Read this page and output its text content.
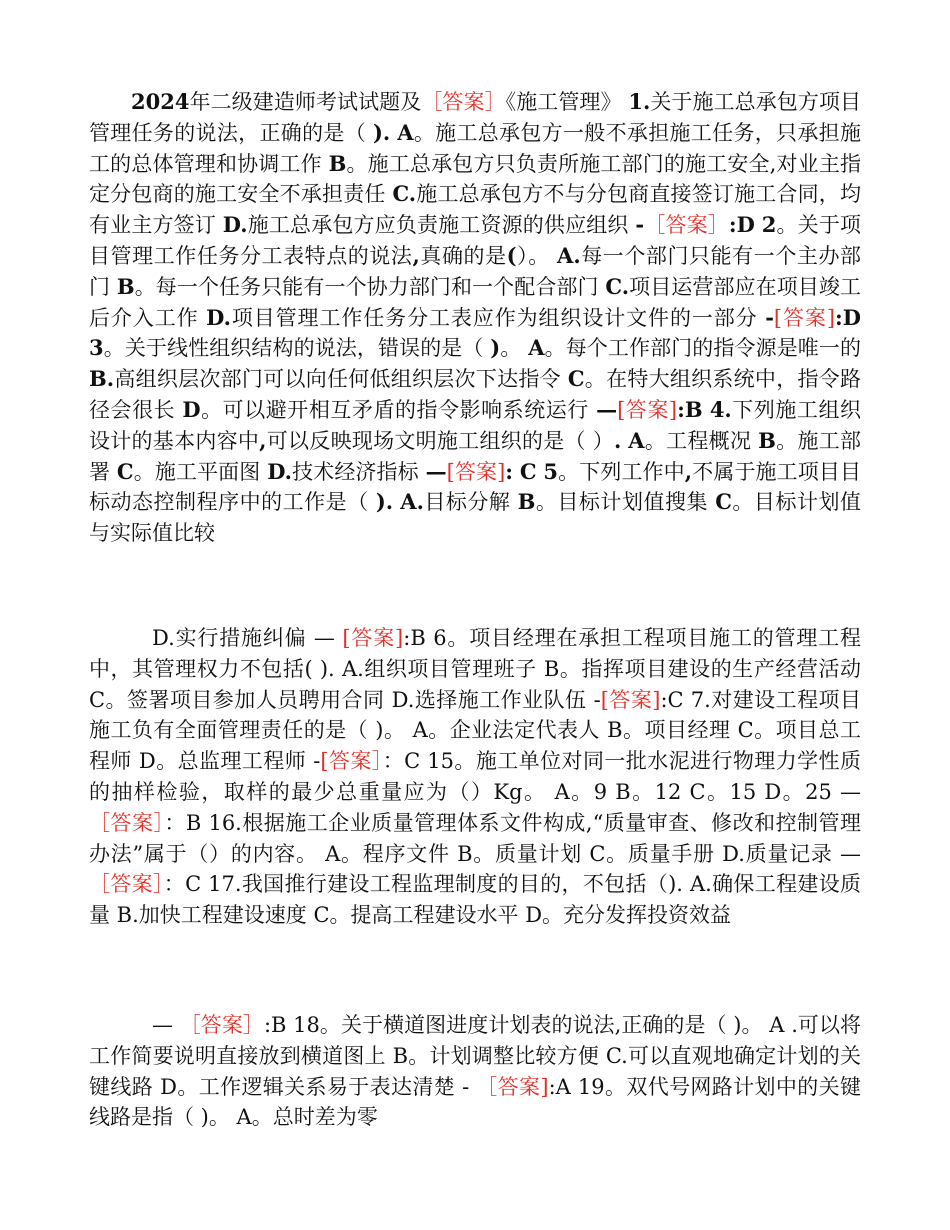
2024年二级建造师考试试题及［答案］《施工管理》 1.关于施工总承包方项目管理任务的说法，正确的是（ ). A。施工总承包方一般不承担施工任务，只承担施工的总体管理和协调工作 B。施工总承包方只负责所施工部门的施工安全,对业主指定分包商的施工安全不承担责任 C.施工总承包方不与分包商直接签订施工合同，均有业主方签订 D.施工总承包方应负责施工资源的供应组织 -［答案］:D 2。关于项目管理工作任务分工表特点的说法,真确的是(）。 A.每一个部门只能有一个主办部门 B。每一个任务只能有一个协力部门和一个配合部门 C.项目运营部应在项目竣工后介入工作 D.项目管理工作任务分工表应作为组织设计文件的一部分 -[答案]:D 3。关于线性组织结构的说法，错误的是（ )。 A。每个工作部门的指令源是唯一的 B.高组织层次部门可以向任何低组织层次下达指令 C。在特大组织系统中，指令路径会很长 D。可以避开相互矛盾的指令影响系统运行 —[答案]:B 4.下列施工组织设计的基本内容中,可以反映现场文明施工组织的是（ ）. A。工程概况 B。施工部署 C。施工平面图 D.技术经济指标 —[答案]: C 5。下列工作中,不属于施工项目目标动态控制程序中的工作是（ ). A.目标分解 B。目标计划值搜集 C。目标计划值与实际值比较

D.实行措施纠偏 — [答案]:B 6。项目经理在承担工程项目施工的管理工程中，其管理权力不包括( ). A.组织项目管理班子 B。指挥项目建设的生产经营活动 C。签署项目参加人员聘用合同 D.选择施工作业队伍 -[答案]:C 7.对建设工程项目施工负有全面管理责任的是（ )。 A。企业法定代表人 B。项目经理 C。项目总工程师 D。总监理工程师 -[答案］：C 15。施工单位对同一批水泥进行物理力学性质的抽样检验，取样的最少总重量应为（）Kg。 A。9 B。12 C。15 D。25 — ［答案］：B 16.根据施工企业质量管理体系文件构成,“质量审查、修改和控制管理办法”属于（）的内容。 A。程序文件 B。质量计划 C。质量手册 D.质量记录 — ［答案］：C 17.我国推行建设工程监理制度的目的，不包括（). A.确保工程建设质量 B.加快工程建设速度 C。提高工程建设水平 D。充分发挥投资效益

— ［答案］:B 18。关于横道图进度计划表的说法,正确的是（ )。 A .可以将工作简要说明直接放到横道图上 B。计划调整比较方便 C.可以直观地确定计划的关键线路 D。工作逻辑关系易于表达清楚 - ［答案]:A 19。双代号网路计划中的关键线路是指（ )。 A。总时差为零
